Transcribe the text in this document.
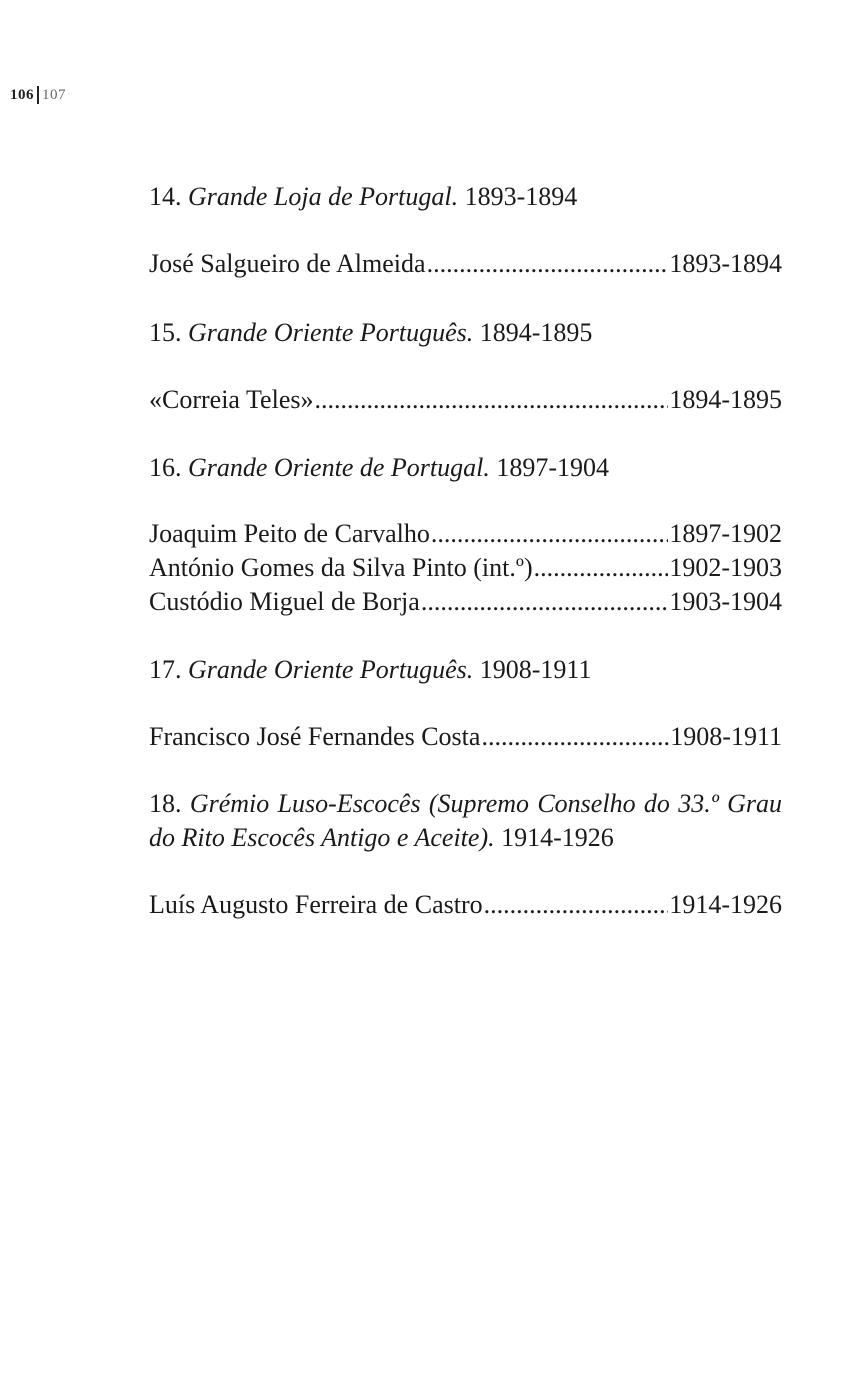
106 107
14. Grande Loja de Portugal. 1893-1894
José Salgueiro de Almeida .....	1893-1894
15. Grande Oriente Português. 1894-1895
«Correia Teles» .....	1894-1895
16. Grande Oriente de Portugal. 1897-1904
Joaquim Peito de Carvalho .....	1897-1902
António Gomes da Silva Pinto (int.º) .....	1902-1903
Custódio Miguel de Borja .....	1903-1904
17. Grande Oriente Português. 1908-1911
Francisco José Fernandes Costa .....	1908-1911
18. Grémio Luso-Escocês (Supremo Conselho do 33.º Grau do Rito Escocês Antigo e Aceite). 1914-1926
Luís Augusto Ferreira de Castro .....	1914-1926
